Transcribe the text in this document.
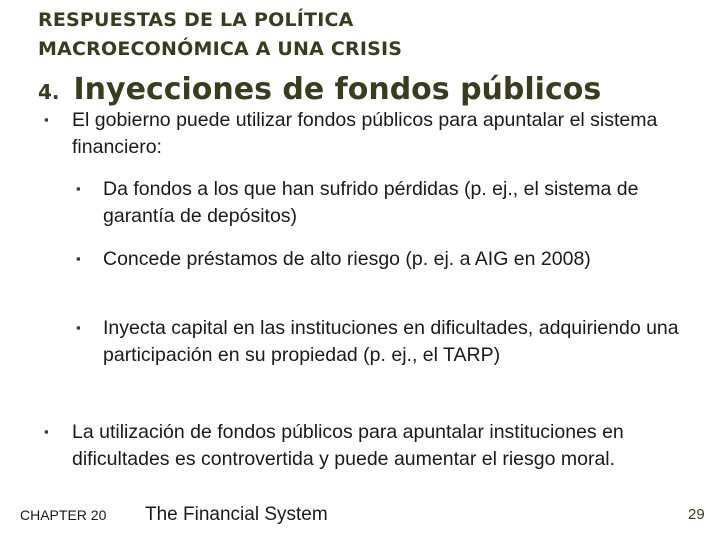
RESPUESTAS DE LA POLÍTICA
MACROECONÓMICA A UNA CRISIS
4. Inyecciones de fondos públicos
▪ El gobierno puede utilizar fondos públicos para apuntalar el sistema financiero:
▪ Da fondos a los que han sufrido pérdidas (p. ej., el sistema de garantía de depósitos)
▪ Concede préstamos de alto riesgo (p. ej. a AIG en 2008)
▪ Inyecta capital en las instituciones en dificultades, adquiriendo una participación en su propiedad (p. ej., el TARP)
▪ La utilización de fondos públicos para apuntalar instituciones en dificultades es controvertida y puede aumentar el riesgo moral.
CHAPTER 20 The Financial System	29
